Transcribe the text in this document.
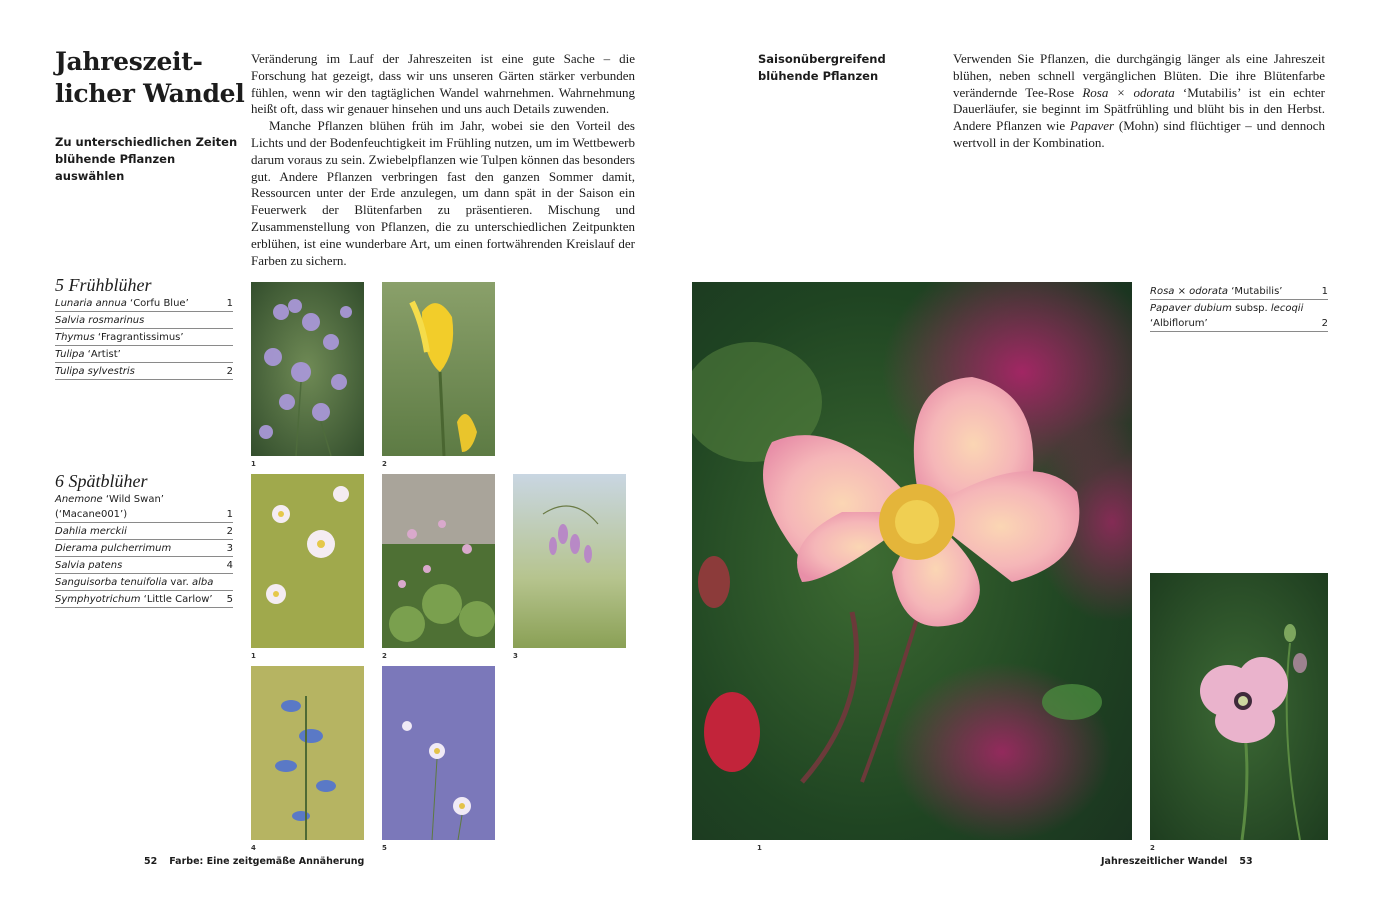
Jahreszeit-
licher Wandel
Zu unterschiedlichen Zeiten
blühende Pflanzen auswählen

Veränderung im Lauf der Jahreszeiten ist eine gute Sache – die Forschung hat gezeigt, dass wir uns unseren Gärten stärker verbunden fühlen, wenn wir den tagtäglichen Wandel wahrnehmen. Wahrnehmung heißt oft, dass wir genauer hinsehen und uns auch Details zuwenden.

Manche Pflanzen blühen früh im Jahr, wobei sie den Vorteil des Lichts und der Bodenfeuchtigkeit im Frühling nutzen, um im Wettbewerb darum voraus zu sein. Zwiebelpflanzen wie Tulpen können das besonders gut. Andere Pflanzen verbringen fast den ganzen Sommer damit, Ressourcen unter der Erde anzulegen, um dann spät in der Saison ein Feuerwerk der Blütenfarben zu präsentieren. Mischung und Zusammenstellung von Pflanzen, die zu unterschiedlichen Zeitpunkten erblühen, ist eine wunderbare Art, um einen fortwährenden Kreislauf der Farben zu sichern.

5 Frühblüher
Lunaria annua ‘Corfu Blue’	1
Salvia rosmarinus
Thymus ‘Fragrantissimus’
Tulipa ‘Artist’
Tulipa sylvestris	2
6 Spätblüher
Anemone ‘Wild Swan’ (‘Macane001’)	1
Dahlia merckii	2
Dierama pulcherrimum	3
Salvia patens	4
Sanguisorba tenuifolia var. alba
Symphyotrichum ‘Little Carlow’	5
1	2
1	2	3
4	5
52 Farbe: Eine zeitgemäße Annäherung
Saisonübergreifend
blühende Pflanzen

Verwenden Sie Pflanzen, die durchgängig länger als eine Jahreszeit blühen, neben schnell vergänglichen Blüten. Die ihre Blütenfarbe verändernde Tee-Rose Rosa × odorata ‘Mutabilis’ ist ein echter Dauerläufer, sie beginnt im Spätfrühling und blüht bis in den Herbst. Andere Pflanzen wie Papaver (Mohn) sind flüchtiger – und dennoch wertvoll in der Kombination.

1
Rosa × odorata ‘Mutabilis’	1
Papaver dubium subsp. lecoqii
‘Albiflorum’	2
2
Jahreszeitlicher Wandel 53
